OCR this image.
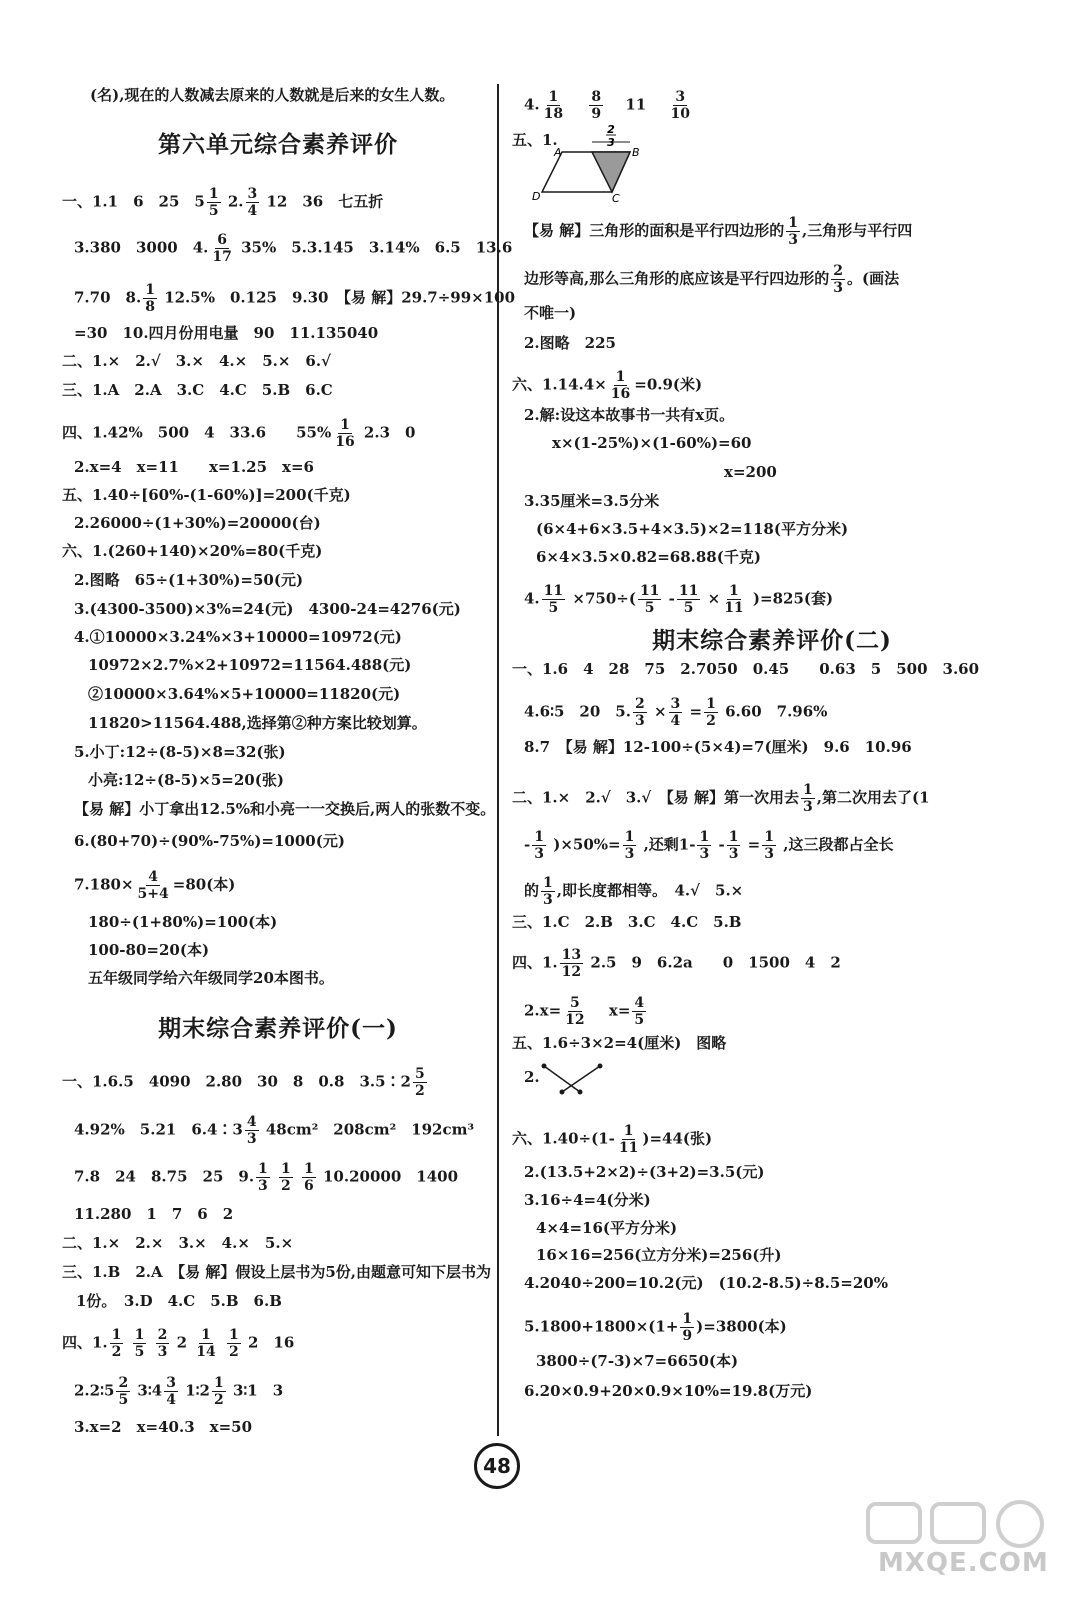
(名),现在的人数减去原来的人数就是后来的女生人数。
第六单元综合素养评价
一、1.1　6　25　$5 \frac{1}{5} 2$. $\frac{3}{4} 12$　36　七五折
3.380　3000　4. $\frac{6}{17} 35\%$　5.3.145　3.14%　6.5　13.6
7.70　8. $\frac{1}{8} 12.5\%$　0.125　9.30　【易 解】29.7÷99×100
=30　10.四月份用电量　90　11.135040
二、1.×　2.√　3.×　4.×　5.×　6.√
三、1.A　2.A　3.C　4.C　5.B　6.C
四、1.42%　500　4　33.6　　$55\% \frac{1}{16} 2.3$　0
2.x=4　x=11　　x=1.25　x=6
五、1.40÷[60%-(1-60%)]=200(千克)
2.26000÷(1+30%)=20000(台)
六、1.(260+140)×20%=80(千克)
2.图略　65÷(1+30%)=50(元)
3.(4300-3500)×3%=24(元)　4300-24=4276(元)
4.①10000×3.24%×3+10000=10972(元)
10972×2.7%×2+10972=11564.488(元)
②10000×3.64%×5+10000=11820(元)
11820>11564.488,选择第②种方案比较划算。
5.小丁:12÷(8-5)×8=32(张)
小亮:12÷(8-5)×5=20(张)
【易 解】小丁拿出12.5%和小亮一一交换后,两人的张数不变。
6.(80+70)÷(90%-75%)=1000(元)
$7.180\times \frac{4}{5+4} =80$(本)
180÷(1+80%)=100(本)
100-80=20(本)
五年级同学给六年级同学20本图书。
期末综合素养评价(一)
一、1.6.5　4090　2.80　30　8　0.8　3.5∶2 $\frac{5}{2}$
4.92%　5.21　6.4∶3 $\frac{4}{3} 48cm^2$　208cm²　192cm³
7.8　24　8.75　25　9. $\frac{1}{3}$
$\frac{1}{2}$
$\frac{1}{6} 10.20000$　1400
11.280　1　7　6　2
二、1.×　2.×　3.×　4.×　5.×
三、1.B　2.A　【易 解】假设上层书为5份,由题意可知下层书为
1份。　3.D　4.C　5.B　6.B
四、1. $\frac{1}{2}$
$\frac{1}{5}$
$\frac{2}{3} 2 \frac{1}{14}$
$\frac{1}{2} 2$　16
2.2∶5 $\frac{2}{5}$ 3∶4 $\frac{3}{4}$ 1∶2 $\frac{1}{2}$ 3∶1　3
3.x=2　x=40.3　x=50
4. $\frac{1}{18}$
　 $\frac{8}{9}$
　 11 　 $\frac{3}{10}$
五、1.
2
3
A	B
C
D
【易 解】三角形的面积是平行四边形的 $\frac{1}{3}$ ,三角形与平行四
边形等高,那么三角形的底应该是平行四边形的 $\frac{2}{3}$ 。(画法
不唯一)
2.图略　225
六、$1.14.4\times \frac{1}{16} =0.9$(米)
2.解:设这本故事书一共有x页。
x×(1-25%)×(1-60%)=60
x=200
3.35厘米=3.5分米
(6×4+6×3.5+4×3.5)×2=118(平方分米)
6×4×3.5×0.82=68.88(千克)
4. $\frac{11}{5} \times 750\div( \frac{11}{5} - \frac{11}{5} \times \frac{1}{11} )=825$(套)
期末综合素养评价(二)
一、1.6　4　28　75　2.7050　0.45　　0.63　5　500　3.60
4.6∶5　20　5. $\frac{2}{3} \times \frac{3}{4} = \frac{1}{2} 6.60$　7.96%
8.7　【易 解】12-100÷(5×4)=7(厘米)　9.6　10.96
二、1.×　2.√　3.√　【易 解】第一次用去 $\frac{1}{3}$ ,第二次用去了(1
- $\frac{1}{3} )\times 50\%= \frac{1}{3}$ ,还剩$1- \frac{1}{3} - \frac{1}{3} = \frac{1}{3}$ ,这三段都占全长
的 $\frac{1}{3}$ ,即长度都相等。　4.√　5.×
三、1.C　2.B　3.C　4.C　5.B
四、1. $\frac{13}{12} 2.5$　9　6.2a　　0　1500　4　2
$2.x= \frac{5}{12}$
　 $x= \frac{4}{5}$
五、1.6÷3×2=4(厘米)　图略
2.
六、$1.40\div(1- \frac{1}{11} )=44$(张)
2.(13.5+2×2)÷(3+2)=3.5(元)
3.16÷4=4(分米)
4×4=16(平方分米)
16×16=256(立方分米)=256(升)
4.2040÷200=10.2(元)　(10.2-8.5)÷8.5=20%
$5.1800+1800\times(1+ \frac{1}{9} )=3800$(本)
3800÷(7-3)×7=6650(本)
6.20×0.9+20×0.9×10%=19.8(万元)
48
MXQE.COM
